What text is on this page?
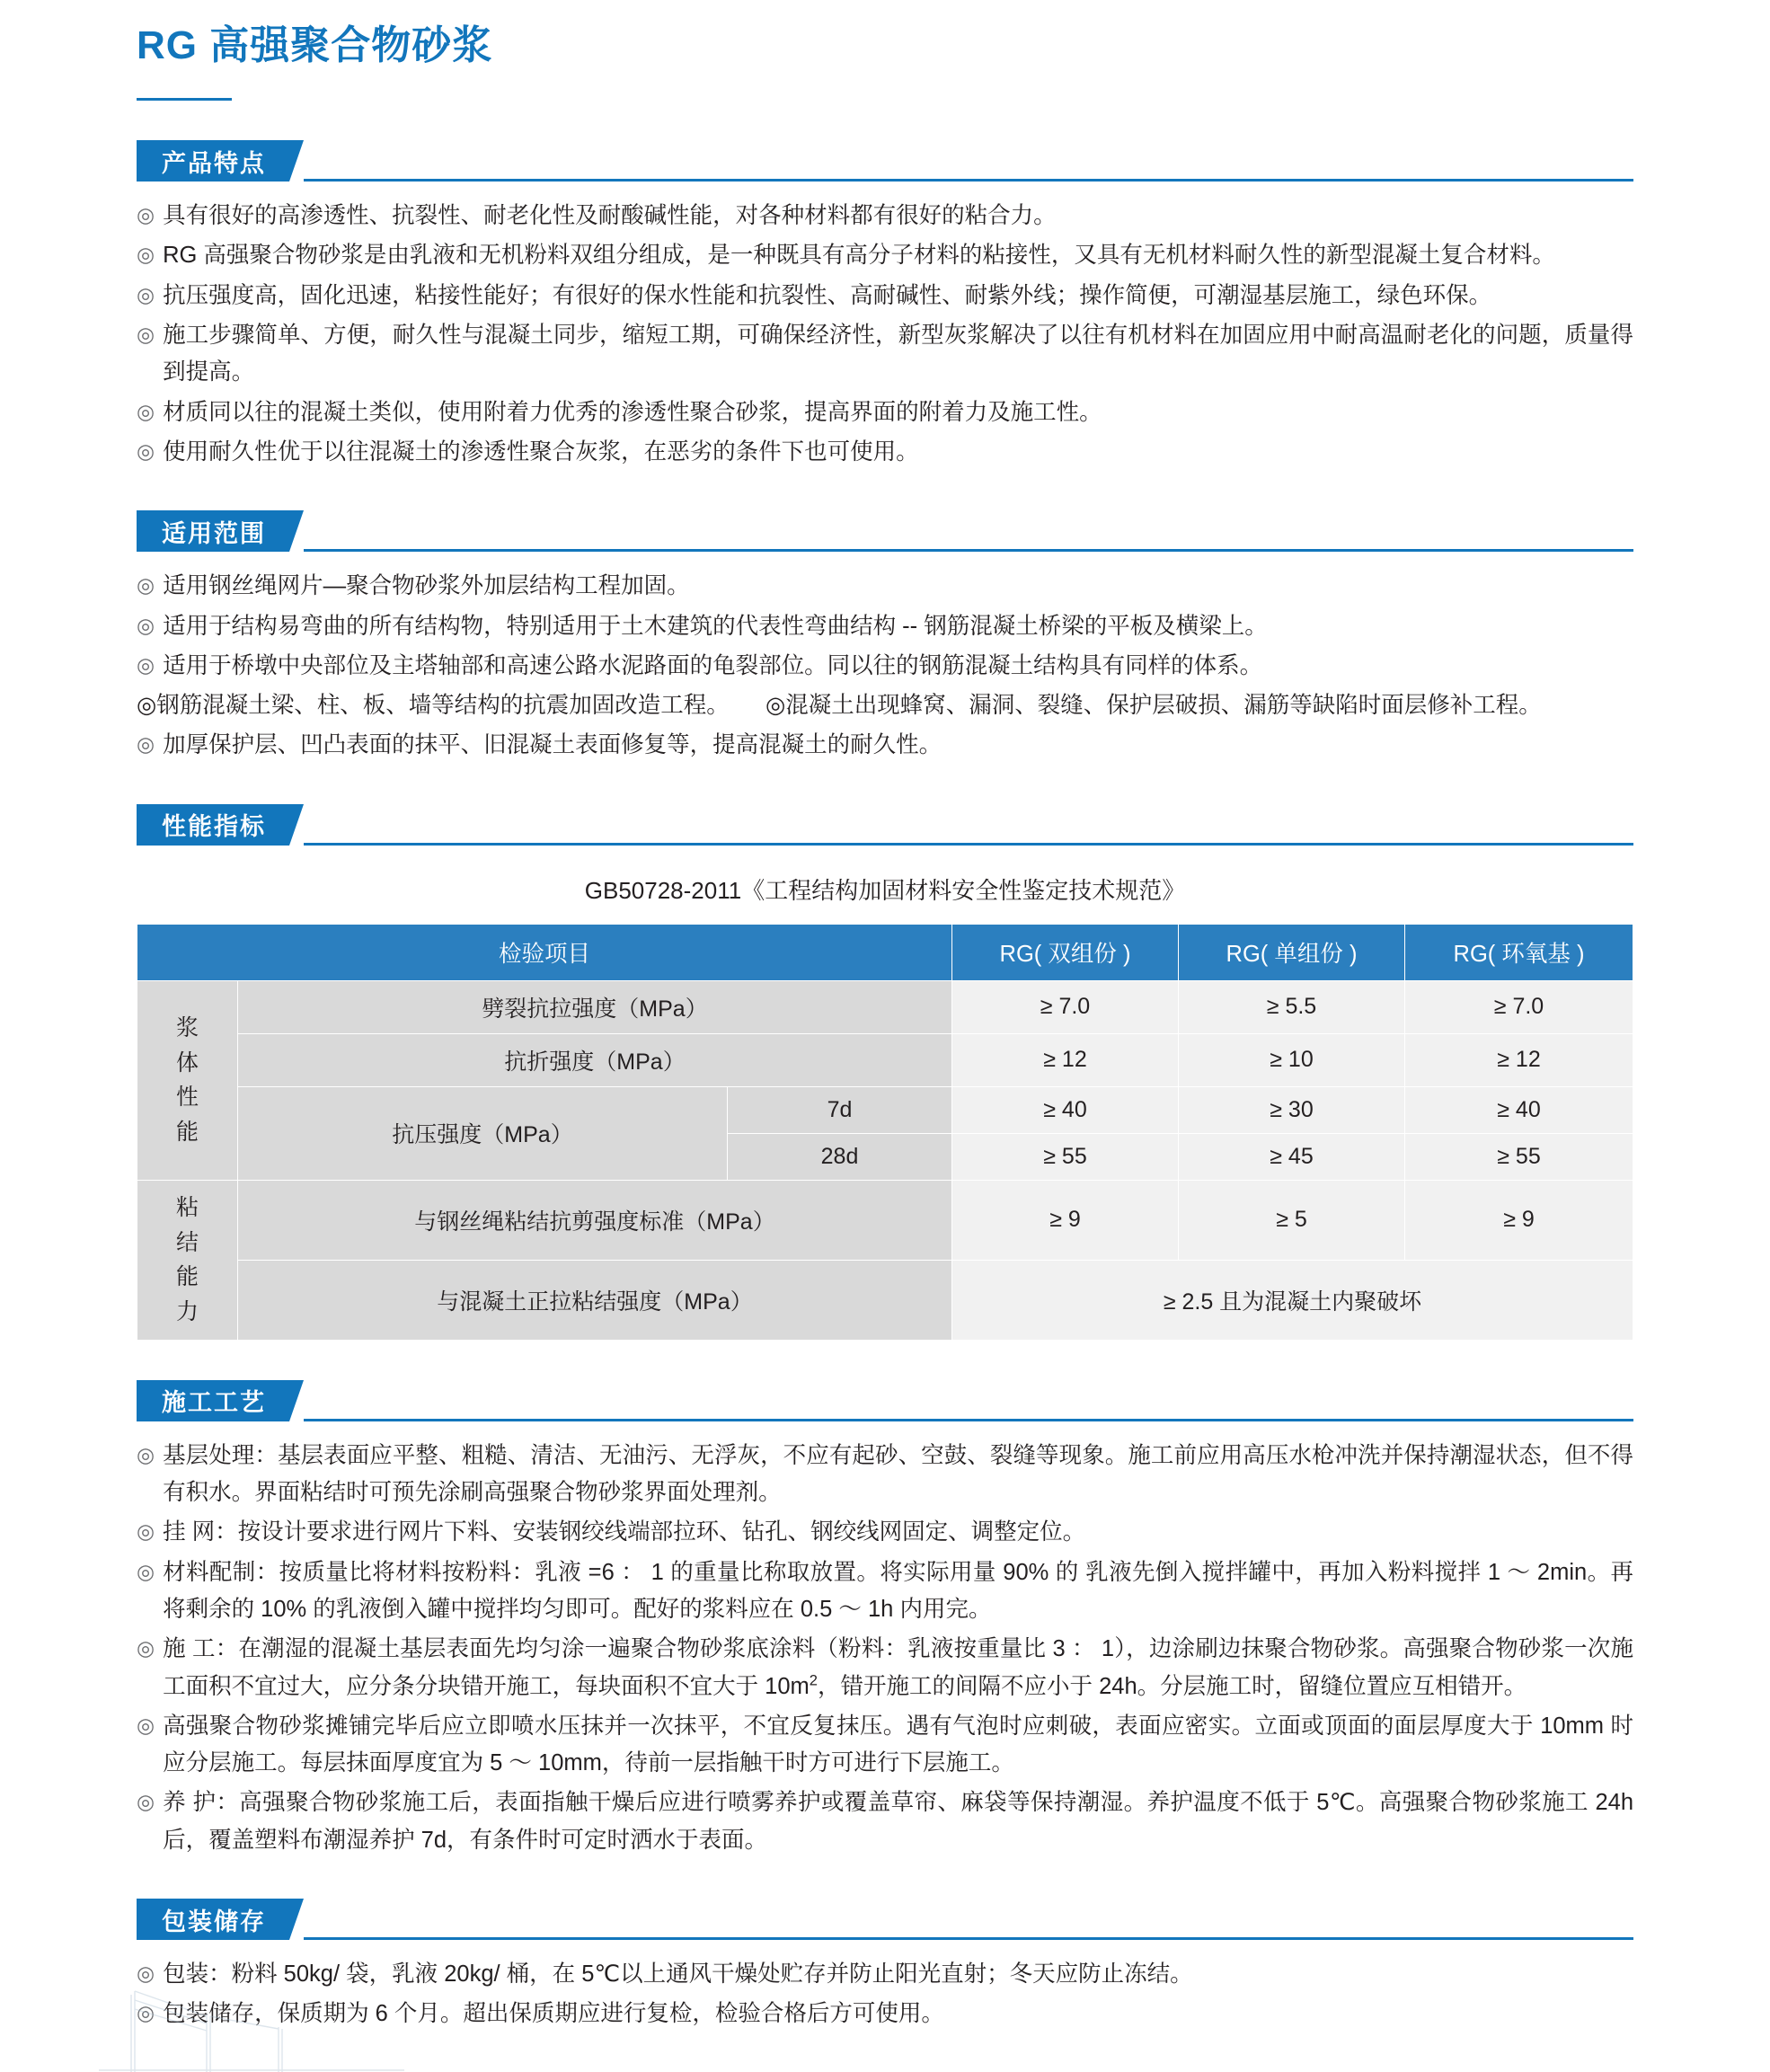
RG 高强聚合物砂浆
产品特点
◎ 具有很好的高渗透性、抗裂性、耐老化性及耐酸碱性能，对各种材料都有很好的粘合力。
◎ RG 高强聚合物砂浆是由乳液和无机粉料双组分组成，是一种既具有高分子材料的粘接性，又具有无机材料耐久性的新型混凝土复合材料。
◎ 抗压强度高，固化迅速，粘接性能好；有很好的保水性能和抗裂性、高耐碱性、耐紫外线；操作简便，可潮湿基层施工，绿色环保。
◎ 施工步骤简单、方便，耐久性与混凝土同步，缩短工期，可确保经济性，新型灰浆解决了以往有机材料在加固应用中耐高温耐老化的问题，质量得到提高。
◎ 材质同以往的混凝土类似，使用附着力优秀的渗透性聚合砂浆，提高界面的附着力及施工性。
◎ 使用耐久性优于以往混凝土的渗透性聚合灰浆，在恶劣的条件下也可使用。
适用范围
◎ 适用钢丝绳网片—聚合物砂浆外加层结构工程加固。
◎ 适用于结构易弯曲的所有结构物，特别适用于土木建筑的代表性弯曲结构 -- 钢筋混凝土桥梁的平板及横梁上。
◎ 适用于桥墩中央部位及主塔轴部和高速公路水泥路面的龟裂部位。同以往的钢筋混凝土结构具有同样的体系。
◎ 钢筋混凝土梁、柱、板、墙等结构的抗震加固改造工程。 ◎ 混凝土出现蜂窝、漏洞、裂缝、保护层破损、漏筋等缺陷时面层修补工程。
◎ 加厚保护层、凹凸表面的抹平、旧混凝土表面修复等，提高混凝土的耐久性。
性能指标
GB50728-2011《工程结构加固材料安全性鉴定技术规范》
检验项目			RG( 双组份 )	RG( 单组份 )	RG( 环氧基 )

浆
体
性
能	劈裂抗拉强度（MPa）		≥ 7.0	≥ 5.5	≥ 7.0
	抗折强度（MPa）		≥ 12	≥ 10	≥ 12
	抗压强度（MPa）	7d	≥ 40	≥ 30	≥ 40
		28d	≥ 55	≥ 45	≥ 55

粘
结
能
力	与钢丝绳粘结抗剪强度标准（MPa）		≥ 9	≥ 5	≥ 9
	与混凝土正拉粘结强度（MPa）		≥ 2.5 且为混凝土内聚破坏		
施工工艺
◎ 基层处理：基层表面应平整、粗糙、清洁、无油污、无浮灰，不应有起砂、空鼓、裂缝等现象。施工前应用高压水枪冲洗并保持潮湿状态，但不得有积水。界面粘结时可预先涂刷高强聚合物砂浆界面处理剂。
◎ 挂 网：按设计要求进行网片下料、安装钢绞线端部拉环、钻孔、钢绞线网固定、调整定位。
◎ 材料配制：按质量比将材料按粉料：乳液 =6 ： 1 的重量比称取放置。将实际用量 90% 的 乳液先倒入搅拌罐中，再加入粉料搅拌 1 ～ 2min。再将剩余的 10% 的乳液倒入罐中搅拌均匀即可。配好的浆料应在 0.5 ～ 1h 内用完。
◎ 施 工：在潮湿的混凝土基层表面先均匀涂一遍聚合物砂浆底涂料（粉料：乳液按重量比 3 ： 1），边涂刷边抹聚合物砂浆。高强聚合物砂浆一次施工面积不宜过大，应分条分块错开施工，每块面积不宜大于 $10m^2$，错开施工的间隔不应小于 24h。分层施工时，留缝位置应互相错开。
◎ 高强聚合物砂浆摊铺完毕后应立即喷水压抹并一次抹平，不宜反复抹压。遇有气泡时应刺破，表面应密实。立面或顶面的面层厚度大于 10mm 时应分层施工。每层抹面厚度宜为 5 ～ 10mm，待前一层指触干时方可进行下层施工。
◎ 养 护：高强聚合物砂浆施工后，表面指触干燥后应进行喷雾养护或覆盖草帘、麻袋等保持潮湿。养护温度不低于 5℃。高强聚合物砂浆施工 24h 后，覆盖塑料布潮湿养护 7d，有条件时可定时洒水于表面。
包装储存
◎ 包装：粉料 50kg/ 袋，乳液 20kg/ 桶，在 5℃以上通风干燥处贮存并防止阳光直射；冬天应防止冻结。
◎ 包装储存，保质期为 6 个月。超出保质期应进行复检，检验合格后方可使用。
